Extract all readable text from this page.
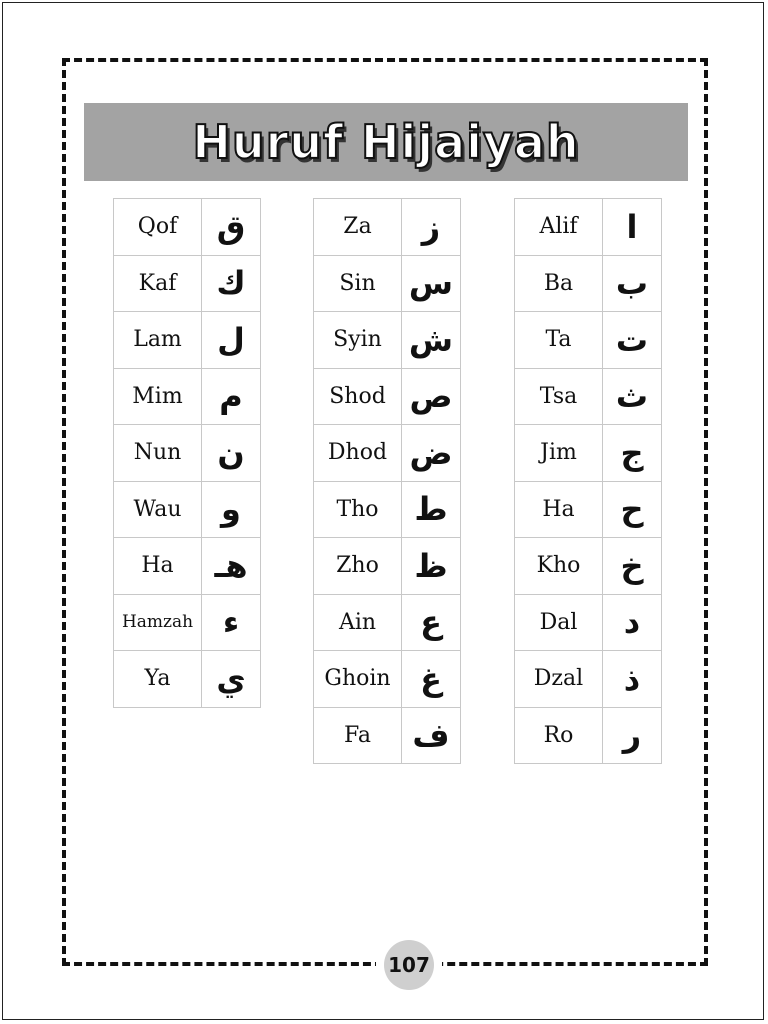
Huruf Hijaiyah
Qof	ق
Kaf	ك
Lam	ل
Mim	م
Nun	ن
Wau	و
Ha	هـ
Hamzah	ء
Ya	ي
Za	ز
Sin	س
Syin	ش
Shod	ص
Dhod	ض
Tho	ط
Zho	ظ
Ain	ع
Ghoin	غ
Fa	ف
Alif	ا
Ba	ب
Ta	ت
Tsa	ث
Jim	ج
Ha	ح
Kho	خ
Dal	د
Dzal	ذ
Ro	ر
107
